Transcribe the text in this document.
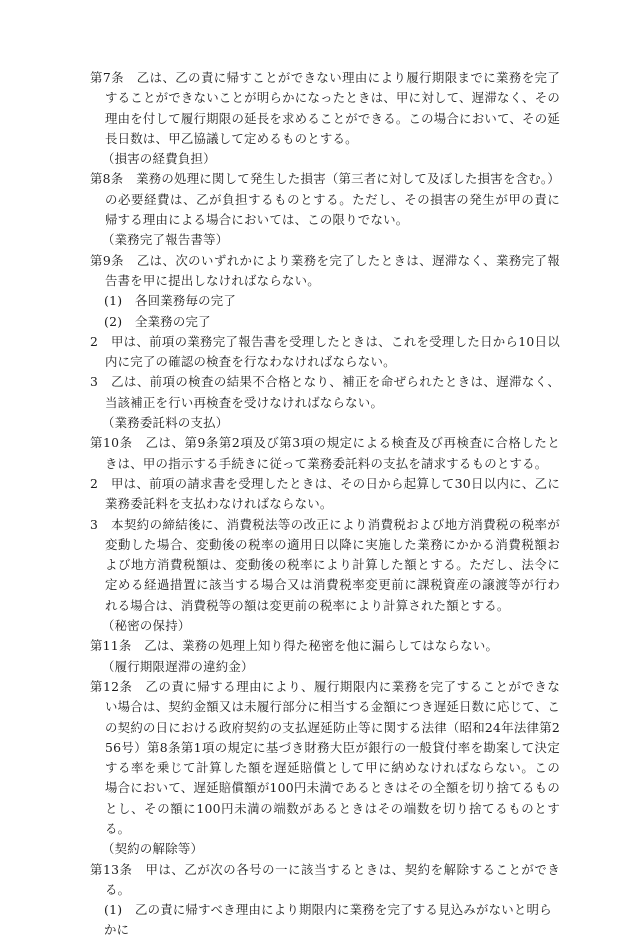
第7条　乙は、乙の責に帰すことができない理由により履行期限までに業務を完了することができないことが明らかになったときは、甲に対して、遅滞なく、その理由を付して履行期限の延長を求めることができる。この場合において、その延長日数は、甲乙協議して定めるものとする。

（損害の経費負担）

第8条　業務の処理に関して発生した損害（第三者に対して及ぼした損害を含む。）の必要経費は、乙が負担するものとする。ただし、その損害の発生が甲の責に帰する理由による場合においては、この限りでない。

（業務完了報告書等）

第9条　乙は、次のいずれかにより業務を完了したときは、遅滞なく、業務完了報告書を甲に提出しなければならない。

(1)　各回業務毎の完了

(2)　全業務の完了

2　甲は、前項の業務完了報告書を受理したときは、これを受理した日から10日以内に完了の確認の検査を行なわなければならない。

3　乙は、前項の検査の結果不合格となり、補正を命ぜられたときは、遅滞なく、当該補正を行い再検査を受けなければならない。

（業務委託料の支払）

第10条　乙は、第9条第2項及び第3項の規定による検査及び再検査に合格したときは、甲の指示する手続きに従って業務委託料の支払を請求するものとする。

2　甲は、前項の請求書を受理したときは、その日から起算して30日以内に、乙に業務委託料を支払わなければならない。

3　本契約の締結後に、消費税法等の改正により消費税および地方消費税の税率が変動した場合、変動後の税率の適用日以降に実施した業務にかかる消費税額および地方消費税額は、変動後の税率により計算した額とする。ただし、法令に定める経過措置に該当する場合又は消費税率変更前に課税資産の譲渡等が行われる場合は、消費税等の額は変更前の税率により計算された額とする。

（秘密の保持）

第11条　乙は、業務の処理上知り得た秘密を他に漏らしてはならない。

（履行期限遅滞の違約金）

第12条　乙の責に帰する理由により、履行期限内に業務を完了することができない場合は、契約金額又は未履行部分に相当する金額につき遅延日数に応じて、この契約の日における政府契約の支払遅延防止等に関する法律（昭和24年法律第256号）第8条第1項の規定に基づき財務大臣が銀行の一般貸付率を勘案して決定する率を乗じて計算した額を遅延賠償として甲に納めなければならない。この場合において、遅延賠償額が100円未満であるときはその全額を切り捨てるものとし、その額に100円未満の端数があるときはその端数を切り捨てるものとする。

（契約の解除等）

第13条　甲は、乙が次の各号の一に該当するときは、契約を解除することができる。

(1)　乙の責に帰すべき理由により期限内に業務を完了する見込みがないと明らかに
